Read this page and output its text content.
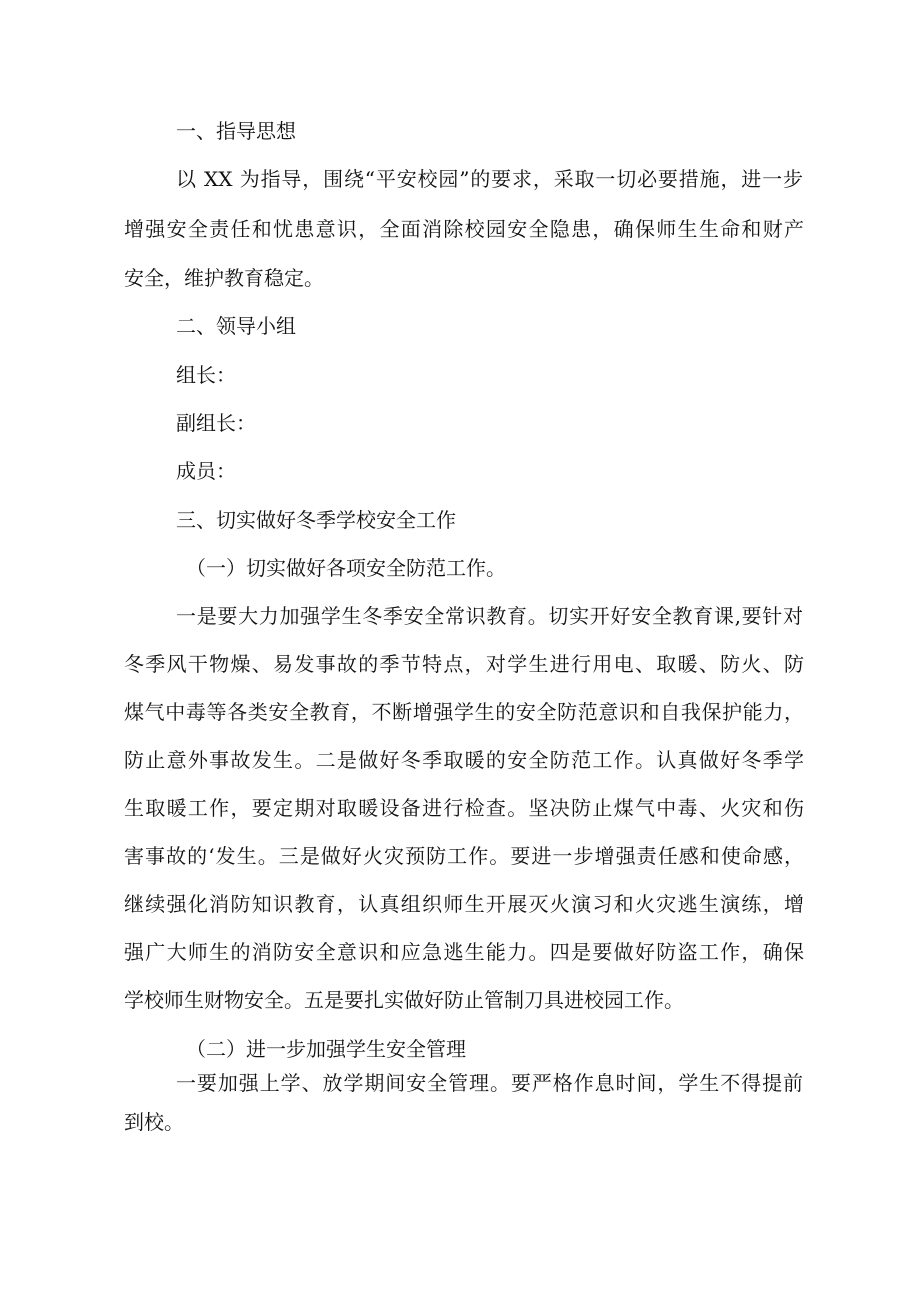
一、指导思想

以 XX 为指导，围绕“平安校园”的要求，采取一切必要措施，进一步

增强安全责任和忧患意识，全面消除校园安全隐患，确保师生生命和财产

安全，维护教育稳定。

二、领导小组

组长：

副组长：

成员：

三、切实做好冬季学校安全工作

（一）切实做好各项安全防范工作。

一是要大力加强学生冬季安全常识教育。切实开好安全教育课,要针对

冬季风干物燥、易发事故的季节特点，对学生进行用电、取暖、防火、防

煤气中毒等各类安全教育，不断增强学生的安全防范意识和自我保护能力，

防止意外事故发生。二是做好冬季取暖的安全防范工作。认真做好冬季学

生取暖工作，要定期对取暖设备进行检查。坚决防止煤气中毒、火灾和伤

害事故的‘发生。三是做好火灾预防工作。要进一步增强责任感和使命感，

继续强化消防知识教育，认真组织师生开展灭火演习和火灾逃生演练，增

强广大师生的消防安全意识和应急逃生能力。四是要做好防盗工作，确保

学校师生财物安全。五是要扎实做好防止管制刀具进校园工作。

（二）进一步加强学生安全管理

一要加强上学、放学期间安全管理。要严格作息时间，学生不得提前

到校。
